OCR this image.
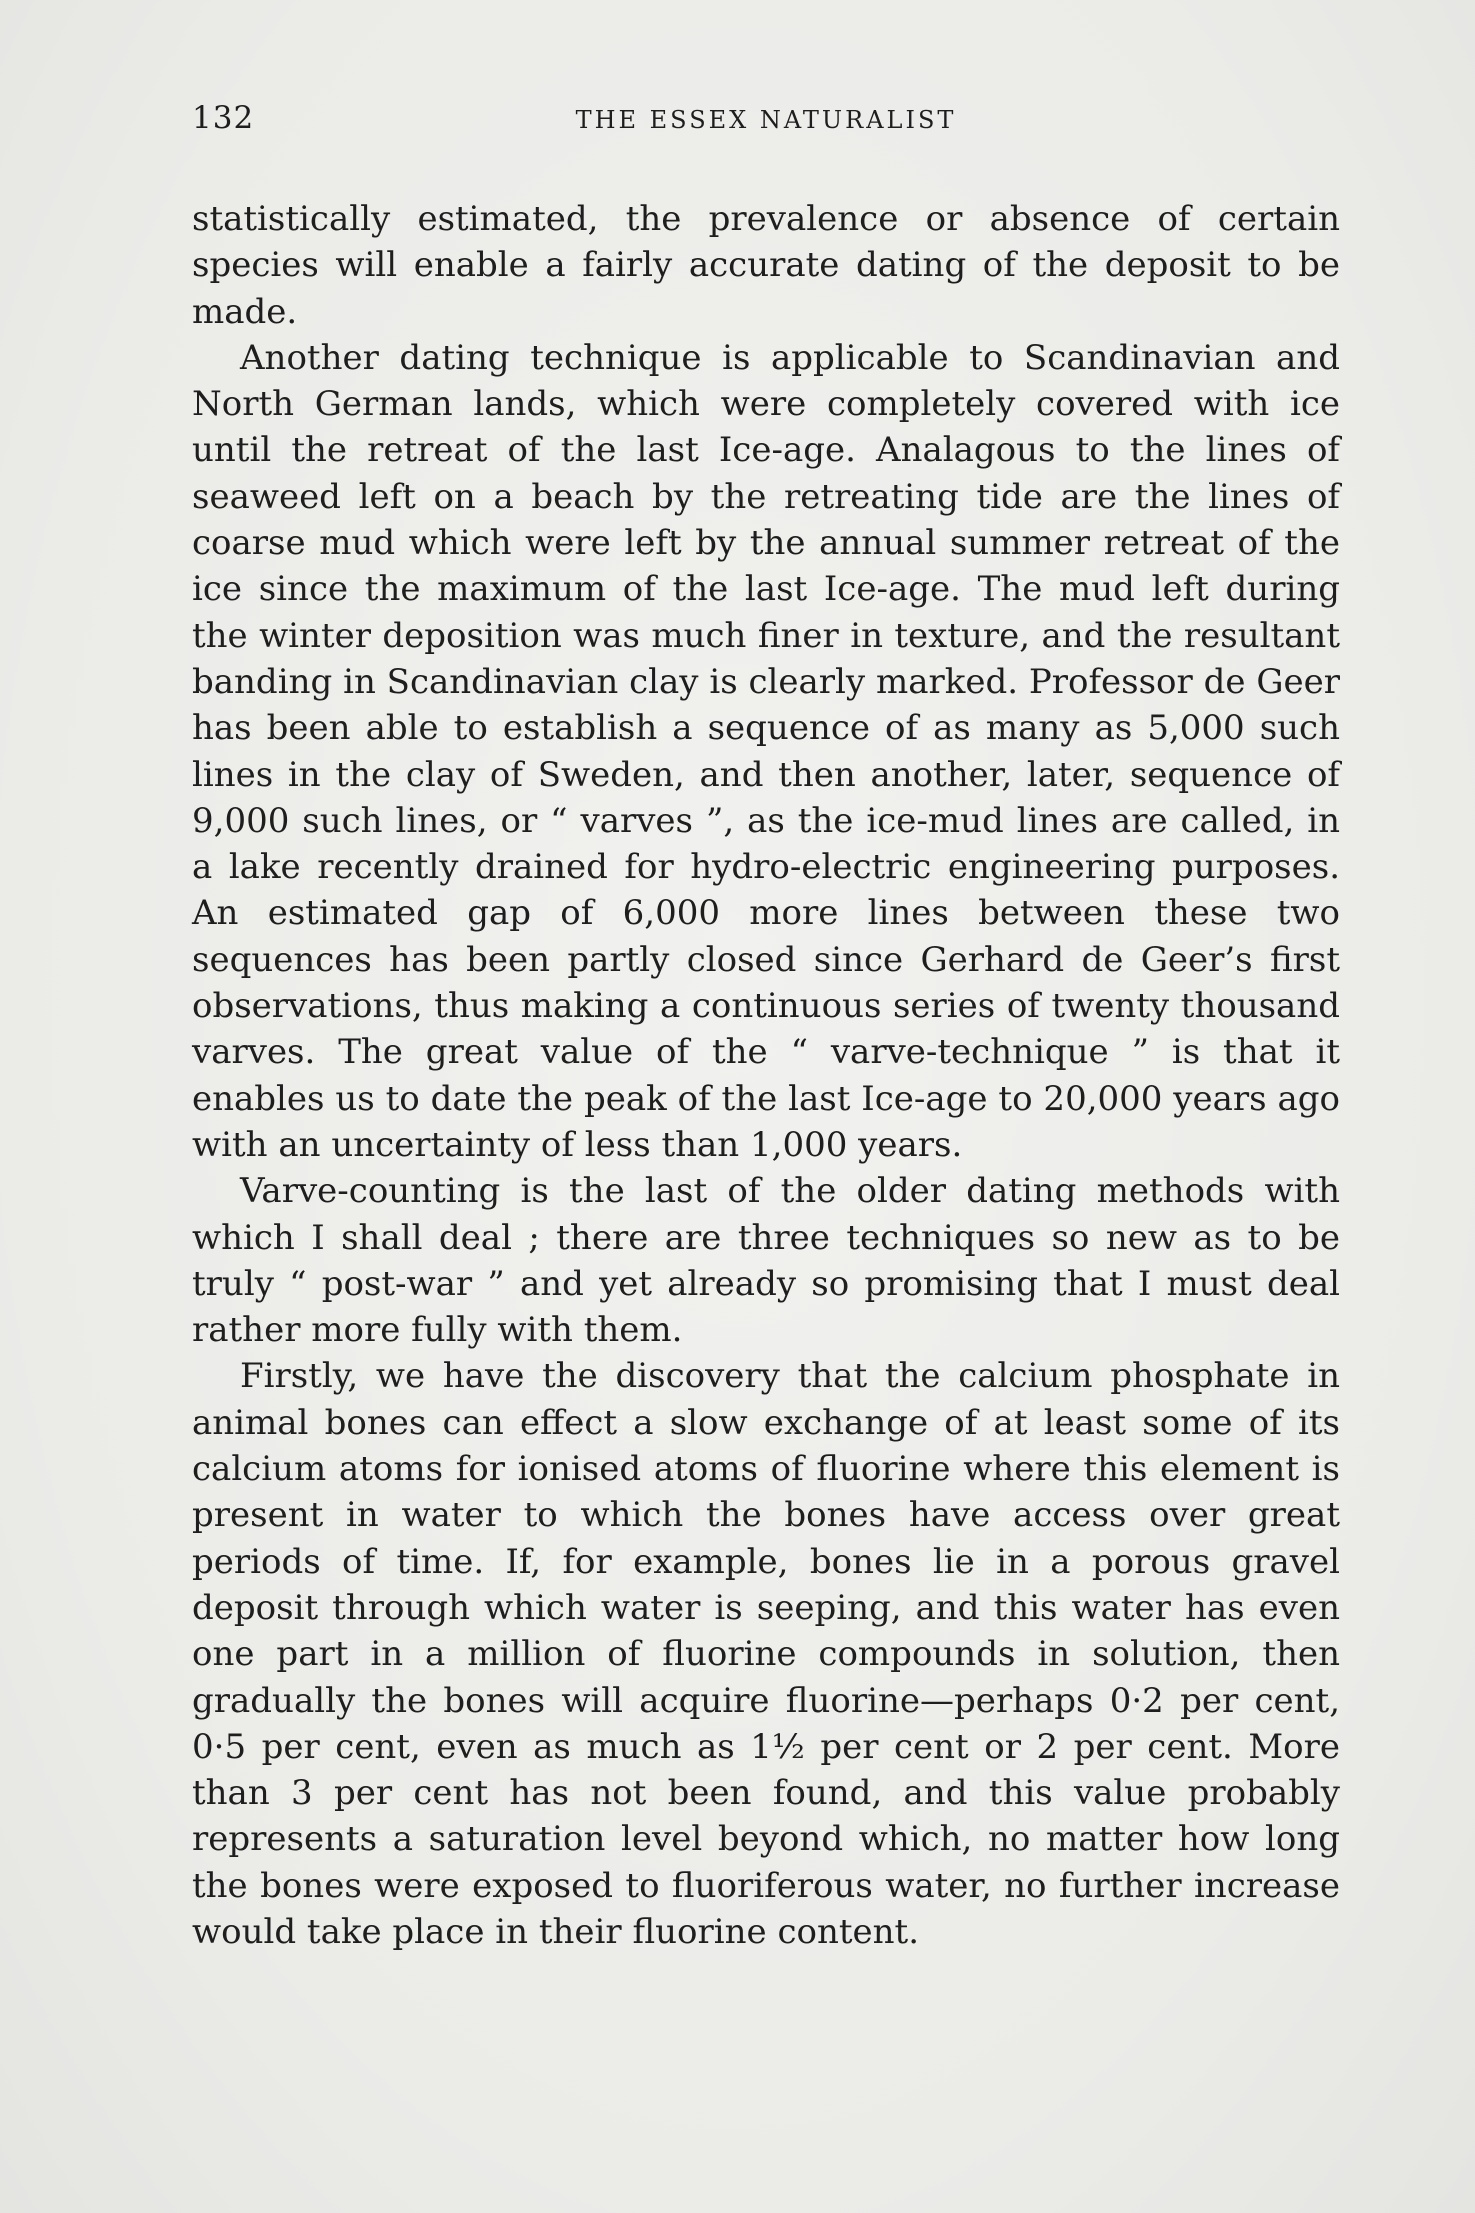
132	THE ESSEX NATURALIST

statistically estimated, the prevalence or absence of certain species will enable a fairly accurate dating of the deposit to be made.

Another dating technique is applicable to Scandinavian and North German lands, which were completely covered with ice until the retreat of the last Ice-age. Analagous to the lines of seaweed left on a beach by the retreating tide are the lines of coarse mud which were left by the annual summer retreat of the ice since the maximum of the last Ice-age. The mud left during the winter deposition was much finer in texture, and the resultant banding in Scandinavian clay is clearly marked. Professor de Geer has been able to establish a sequence of as many as 5,000 such lines in the clay of Sweden, and then another, later, sequence of 9,000 such lines, or “ varves ”, as the ice-mud lines are called, in a lake recently drained for hydro-electric engineering purposes. An estimated gap of 6,000 more lines between these two sequences has been partly closed since Gerhard de Geer’s first observations, thus making a continuous series of twenty thousand varves. The great value of the “ varve-technique ” is that it enables us to date the peak of the last Ice-age to 20,000 years ago with an uncertainty of less than 1,000 years.

Varve-counting is the last of the older dating methods with which I shall deal ; there are three techniques so new as to be truly “ post-war ” and yet already so promising that I must deal rather more fully with them.

Firstly, we have the discovery that the calcium phosphate in animal bones can effect a slow exchange of at least some of its calcium atoms for ionised atoms of fluorine where this element is present in water to which the bones have access over great periods of time. If, for example, bones lie in a porous gravel deposit through which water is seeping, and this water has even one part in a million of fluorine compounds in solution, then gradually the bones will acquire fluorine—perhaps 0·2 per cent, 0·5 per cent, even as much as 1½ per cent or 2 per cent. More than 3 per cent has not been found, and this value probably represents a saturation level beyond which, no matter how long the bones were exposed to fluoriferous water, no further increase would take place in their fluorine content.
